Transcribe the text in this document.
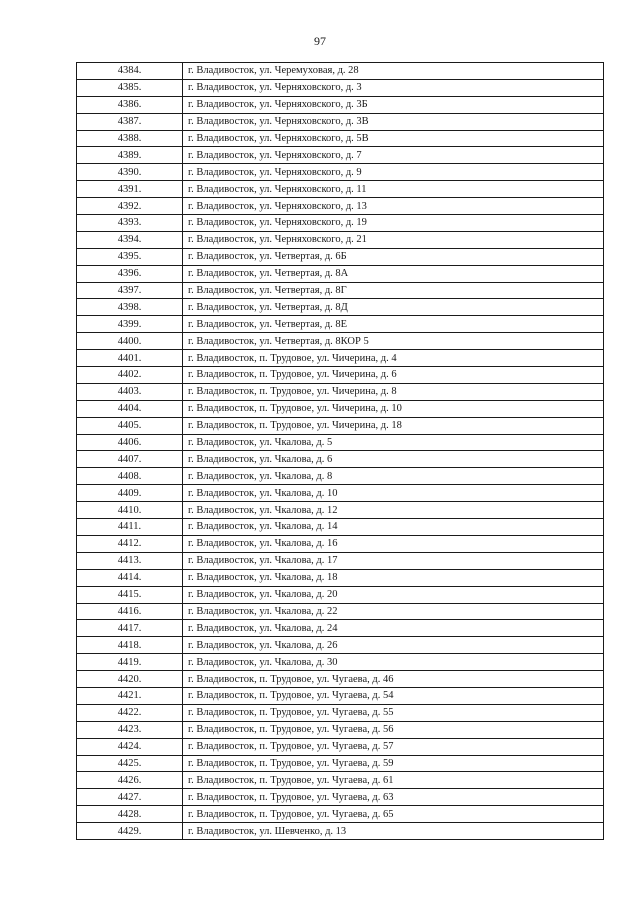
97
4384.	г. Владивосток, ул. Черемуховая, д. 28
4385.	г. Владивосток, ул. Черняховского, д. 3
4386.	г. Владивосток, ул. Черняховского, д. 3Б
4387.	г. Владивосток, ул. Черняховского, д. 3В
4388.	г. Владивосток, ул. Черняховского, д. 5В
4389.	г. Владивосток, ул. Черняховского, д. 7
4390.	г. Владивосток, ул. Черняховского, д. 9
4391.	г. Владивосток, ул. Черняховского, д. 11
4392.	г. Владивосток, ул. Черняховского, д. 13
4393.	г. Владивосток, ул. Черняховского, д. 19
4394.	г. Владивосток, ул. Черняховского, д. 21
4395.	г. Владивосток, ул. Четвертая, д. 6Б
4396.	г. Владивосток, ул. Четвертая, д. 8А
4397.	г. Владивосток, ул. Четвертая, д. 8Г
4398.	г. Владивосток, ул. Четвертая, д. 8Д
4399.	г. Владивосток, ул. Четвертая, д. 8Е
4400.	г. Владивосток, ул. Четвертая, д. 8КОР 5
4401.	г. Владивосток, п. Трудовое, ул. Чичерина, д. 4
4402.	г. Владивосток, п. Трудовое, ул. Чичерина, д. 6
4403.	г. Владивосток, п. Трудовое, ул. Чичерина, д. 8
4404.	г. Владивосток, п. Трудовое, ул. Чичерина, д. 10
4405.	г. Владивосток, п. Трудовое, ул. Чичерина, д. 18
4406.	г. Владивосток, ул. Чкалова, д. 5
4407.	г. Владивосток, ул. Чкалова, д. 6
4408.	г. Владивосток, ул. Чкалова, д. 8
4409.	г. Владивосток, ул. Чкалова, д. 10
4410.	г. Владивосток, ул. Чкалова, д. 12
4411.	г. Владивосток, ул. Чкалова, д. 14
4412.	г. Владивосток, ул. Чкалова, д. 16
4413.	г. Владивосток, ул. Чкалова, д. 17
4414.	г. Владивосток, ул. Чкалова, д. 18
4415.	г. Владивосток, ул. Чкалова, д. 20
4416.	г. Владивосток, ул. Чкалова, д. 22
4417.	г. Владивосток, ул. Чкалова, д. 24
4418.	г. Владивосток, ул. Чкалова, д. 26
4419.	г. Владивосток, ул. Чкалова, д. 30
4420.	г. Владивосток, п. Трудовое, ул. Чугаева, д. 46
4421.	г. Владивосток, п. Трудовое, ул. Чугаева, д. 54
4422.	г. Владивосток, п. Трудовое, ул. Чугаева, д. 55
4423.	г. Владивосток, п. Трудовое, ул. Чугаева, д. 56
4424.	г. Владивосток, п. Трудовое, ул. Чугаева, д. 57
4425.	г. Владивосток, п. Трудовое, ул. Чугаева, д. 59
4426.	г. Владивосток, п. Трудовое, ул. Чугаева, д. 61
4427.	г. Владивосток, п. Трудовое, ул. Чугаева, д. 63
4428.	г. Владивосток, п. Трудовое, ул. Чугаева, д. 65
4429.	г. Владивосток, ул. Шевченко, д. 13
